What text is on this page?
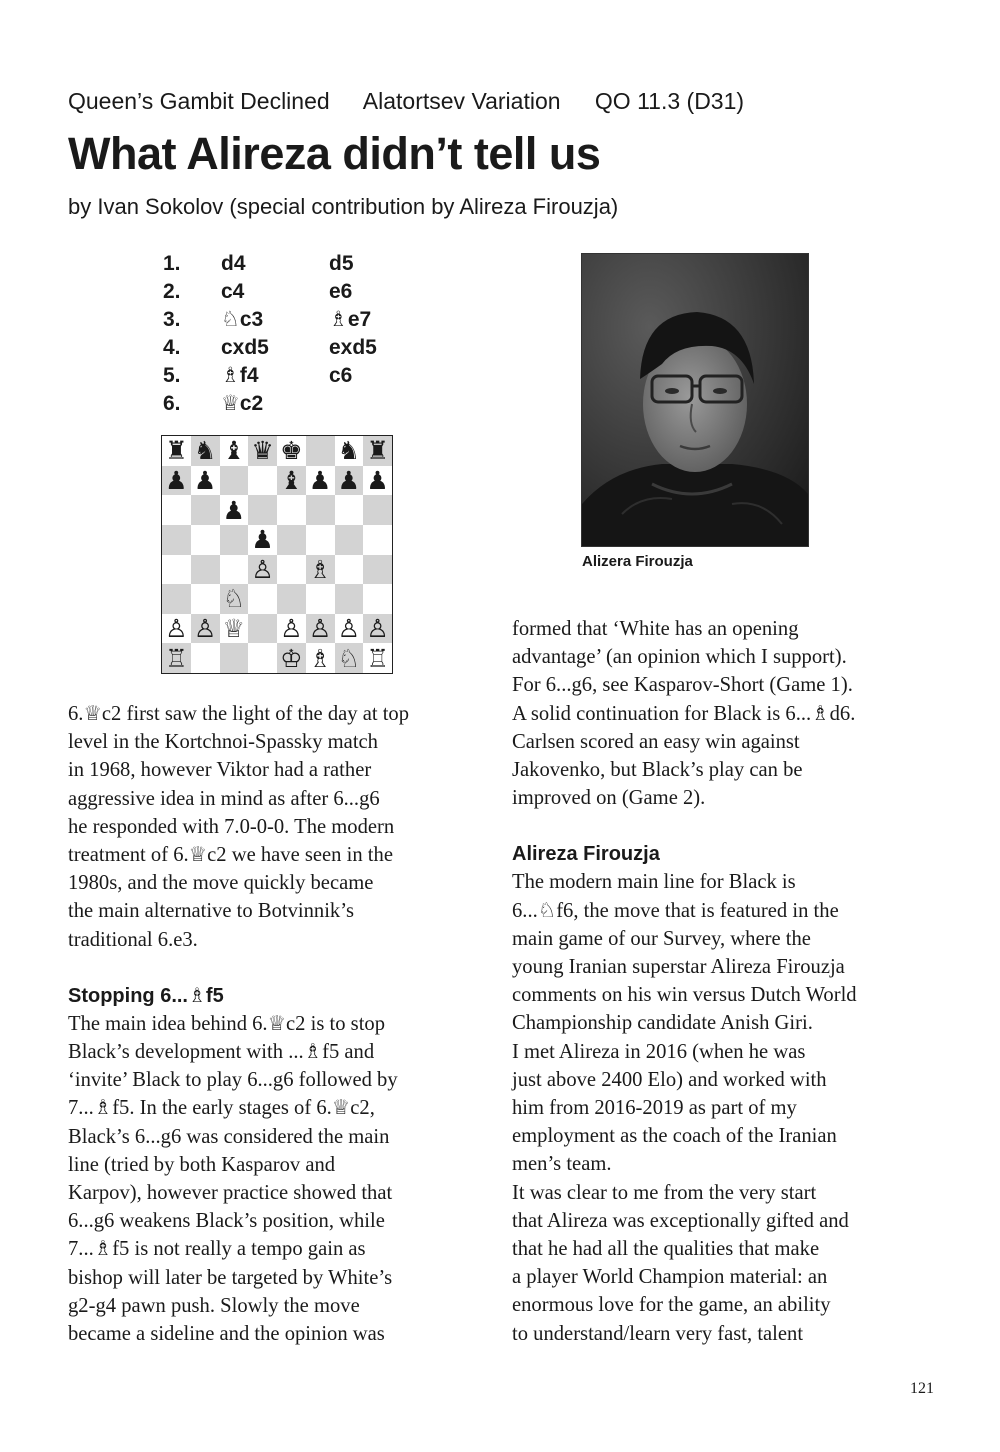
Queen’s Gambit Declined Alatortsev Variation QO 11.3 (D31)
What Alireza didn’t tell us
by Ivan Sokolov (special contribution by Alireza Firouzja)
1.	d4	d5
2.	c4	e6
3.	♘c3	♗e7
4.	cxd5	exd5
5.	♗f4	c6
6.	♕c2
♜ ♞ ♝ ♛ ♚ ♞ ♜
♟ ♟	♝ ♟ ♟ ♟
♟
♟
♙ ♗
♘
♙ ♙ ♕ ♙ ♙ ♙ ♙
♖	♔ ♗ ♘ ♖
Alizera Firouzja

6.♕c2 first saw the light of the day at top
level in the Kortchnoi-Spassky match
in 1968, however Viktor had a rather
aggressive idea in mind as after 6...g6
he responded with 7.0-0-0. The modern
treatment of 6.♕c2 we have seen in the
1980s, and the move quickly became
the main alternative to Botvinnik’s
traditional 6.e3.

Stopping 6...♗f5

The main idea behind 6.♕c2 is to stop
Black’s development with ...♗f5 and
‘invite’ Black to play 6...g6 followed by
7...♗f5. In the early stages of 6.♕c2,
Black’s 6...g6 was considered the main
line (tried by both Kasparov and
Karpov), however practice showed that
6...g6 weakens Black’s position, while
7...♗f5 is not really a tempo gain as
bishop will later be targeted by White’s
g2-g4 pawn push. Slowly the move
became a sideline and the opinion was

formed that ‘White has an opening
advantage’ (an opinion which I support).
For 6...g6, see Kasparov-Short (Game 1).
A solid continuation for Black is 6...♗d6.
Carlsen scored an easy win against
Jakovenko, but Black’s play can be
improved on (Game 2).

Alireza Firouzja

The modern main line for Black is
6...♘f6, the move that is featured in the
main game of our Survey, where the
young Iranian superstar Alireza Firouzja
comments on his win versus Dutch World
Championship candidate Anish Giri.

I met Alireza in 2016 (when he was
just above 2400 Elo) and worked with
him from 2016-2019 as part of my
employment as the coach of the Iranian
men’s team.

It was clear to me from the very start
that Alireza was exceptionally gifted and
that he had all the qualities that make
a player World Champion material: an
enormous love for the game, an ability
to understand/learn very fast, talent

121
